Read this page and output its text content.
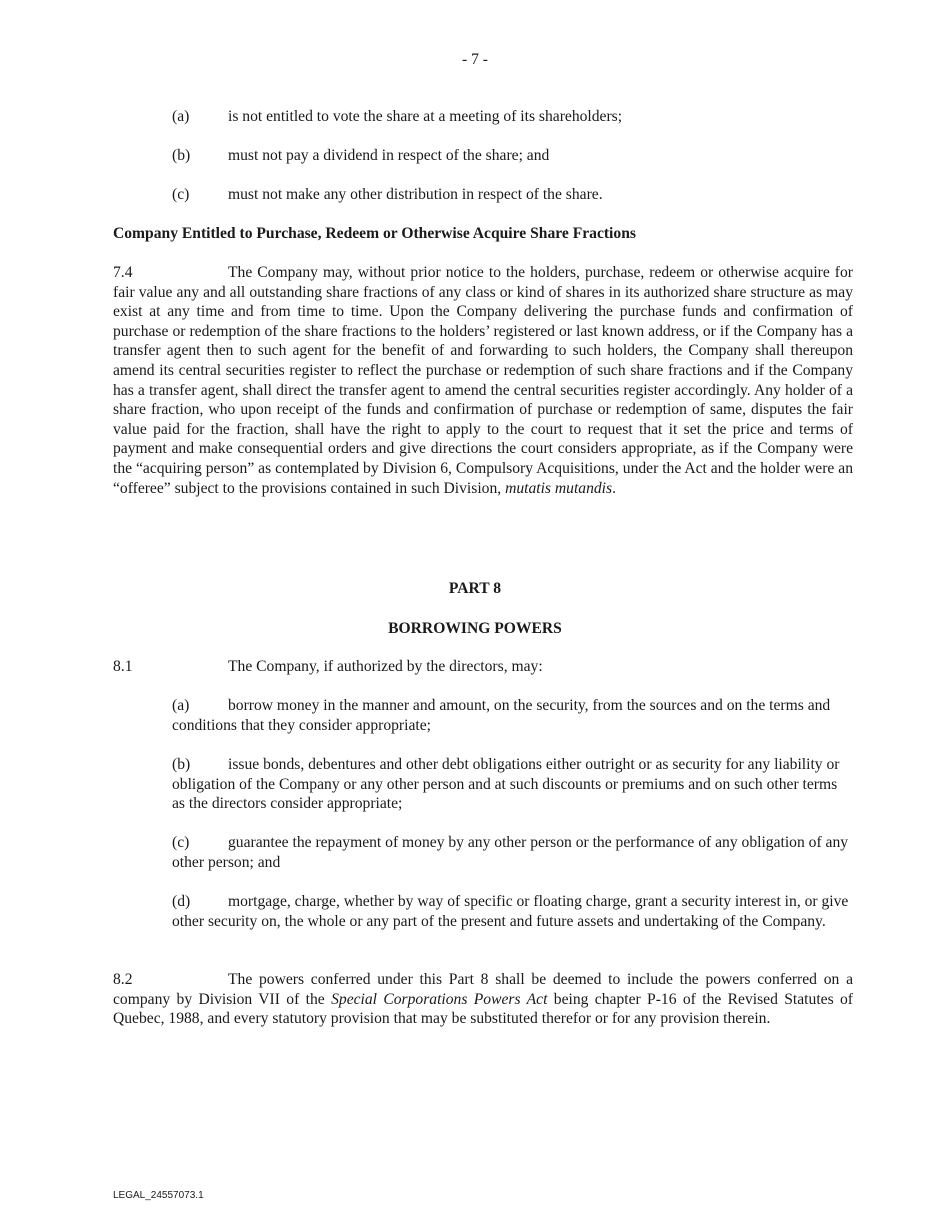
- 7 -
(a) is not entitled to vote the share at a meeting of its shareholders;
(b) must not pay a dividend in respect of the share; and
(c) must not make any other distribution in respect of the share.
Company Entitled to Purchase, Redeem or Otherwise Acquire Share Fractions
7.4	The Company may, without prior notice to the holders, purchase, redeem or otherwise acquire for fair value any and all outstanding share fractions of any class or kind of shares in its authorized share structure as may exist at any time and from time to time. Upon the Company delivering the purchase funds and confirmation of purchase or redemption of the share fractions to the holders’ registered or last known address, or if the Company has a transfer agent then to such agent for the benefit of and forwarding to such holders, the Company shall thereupon amend its central securities register to reflect the purchase or redemption of such share fractions and if the Company has a transfer agent, shall direct the transfer agent to amend the central securities register accordingly. Any holder of a share fraction, who upon receipt of the funds and confirmation of purchase or redemption of same, disputes the fair value paid for the fraction, shall have the right to apply to the court to request that it set the price and terms of payment and make consequential orders and give directions the court considers appropriate, as if the Company were the “acquiring person” as contemplated by Division 6, Compulsory Acquisitions, under the Act and the holder were an “offeree” subject to the provisions contained in such Division, mutatis mutandis.
PART 8
BORROWING POWERS
8.1	The Company, if authorized by the directors, may:
(a) borrow money in the manner and amount, on the security, from the sources and on the terms and conditions that they consider appropriate;
(b) issue bonds, debentures and other debt obligations either outright or as security for any liability or obligation of the Company or any other person and at such discounts or premiums and on such other terms as the directors consider appropriate;
(c) guarantee the repayment of money by any other person or the performance of any obligation of any other person; and
(d) mortgage, charge, whether by way of specific or floating charge, grant a security interest in, or give other security on, the whole or any part of the present and future assets and undertaking of the Company.
8.2	The powers conferred under this Part 8 shall be deemed to include the powers conferred on a company by Division VII of the Special Corporations Powers Act being chapter P-16 of the Revised Statutes of Quebec, 1988, and every statutory provision that may be substituted therefor or for any provision therein.
LEGAL_24557073.1
